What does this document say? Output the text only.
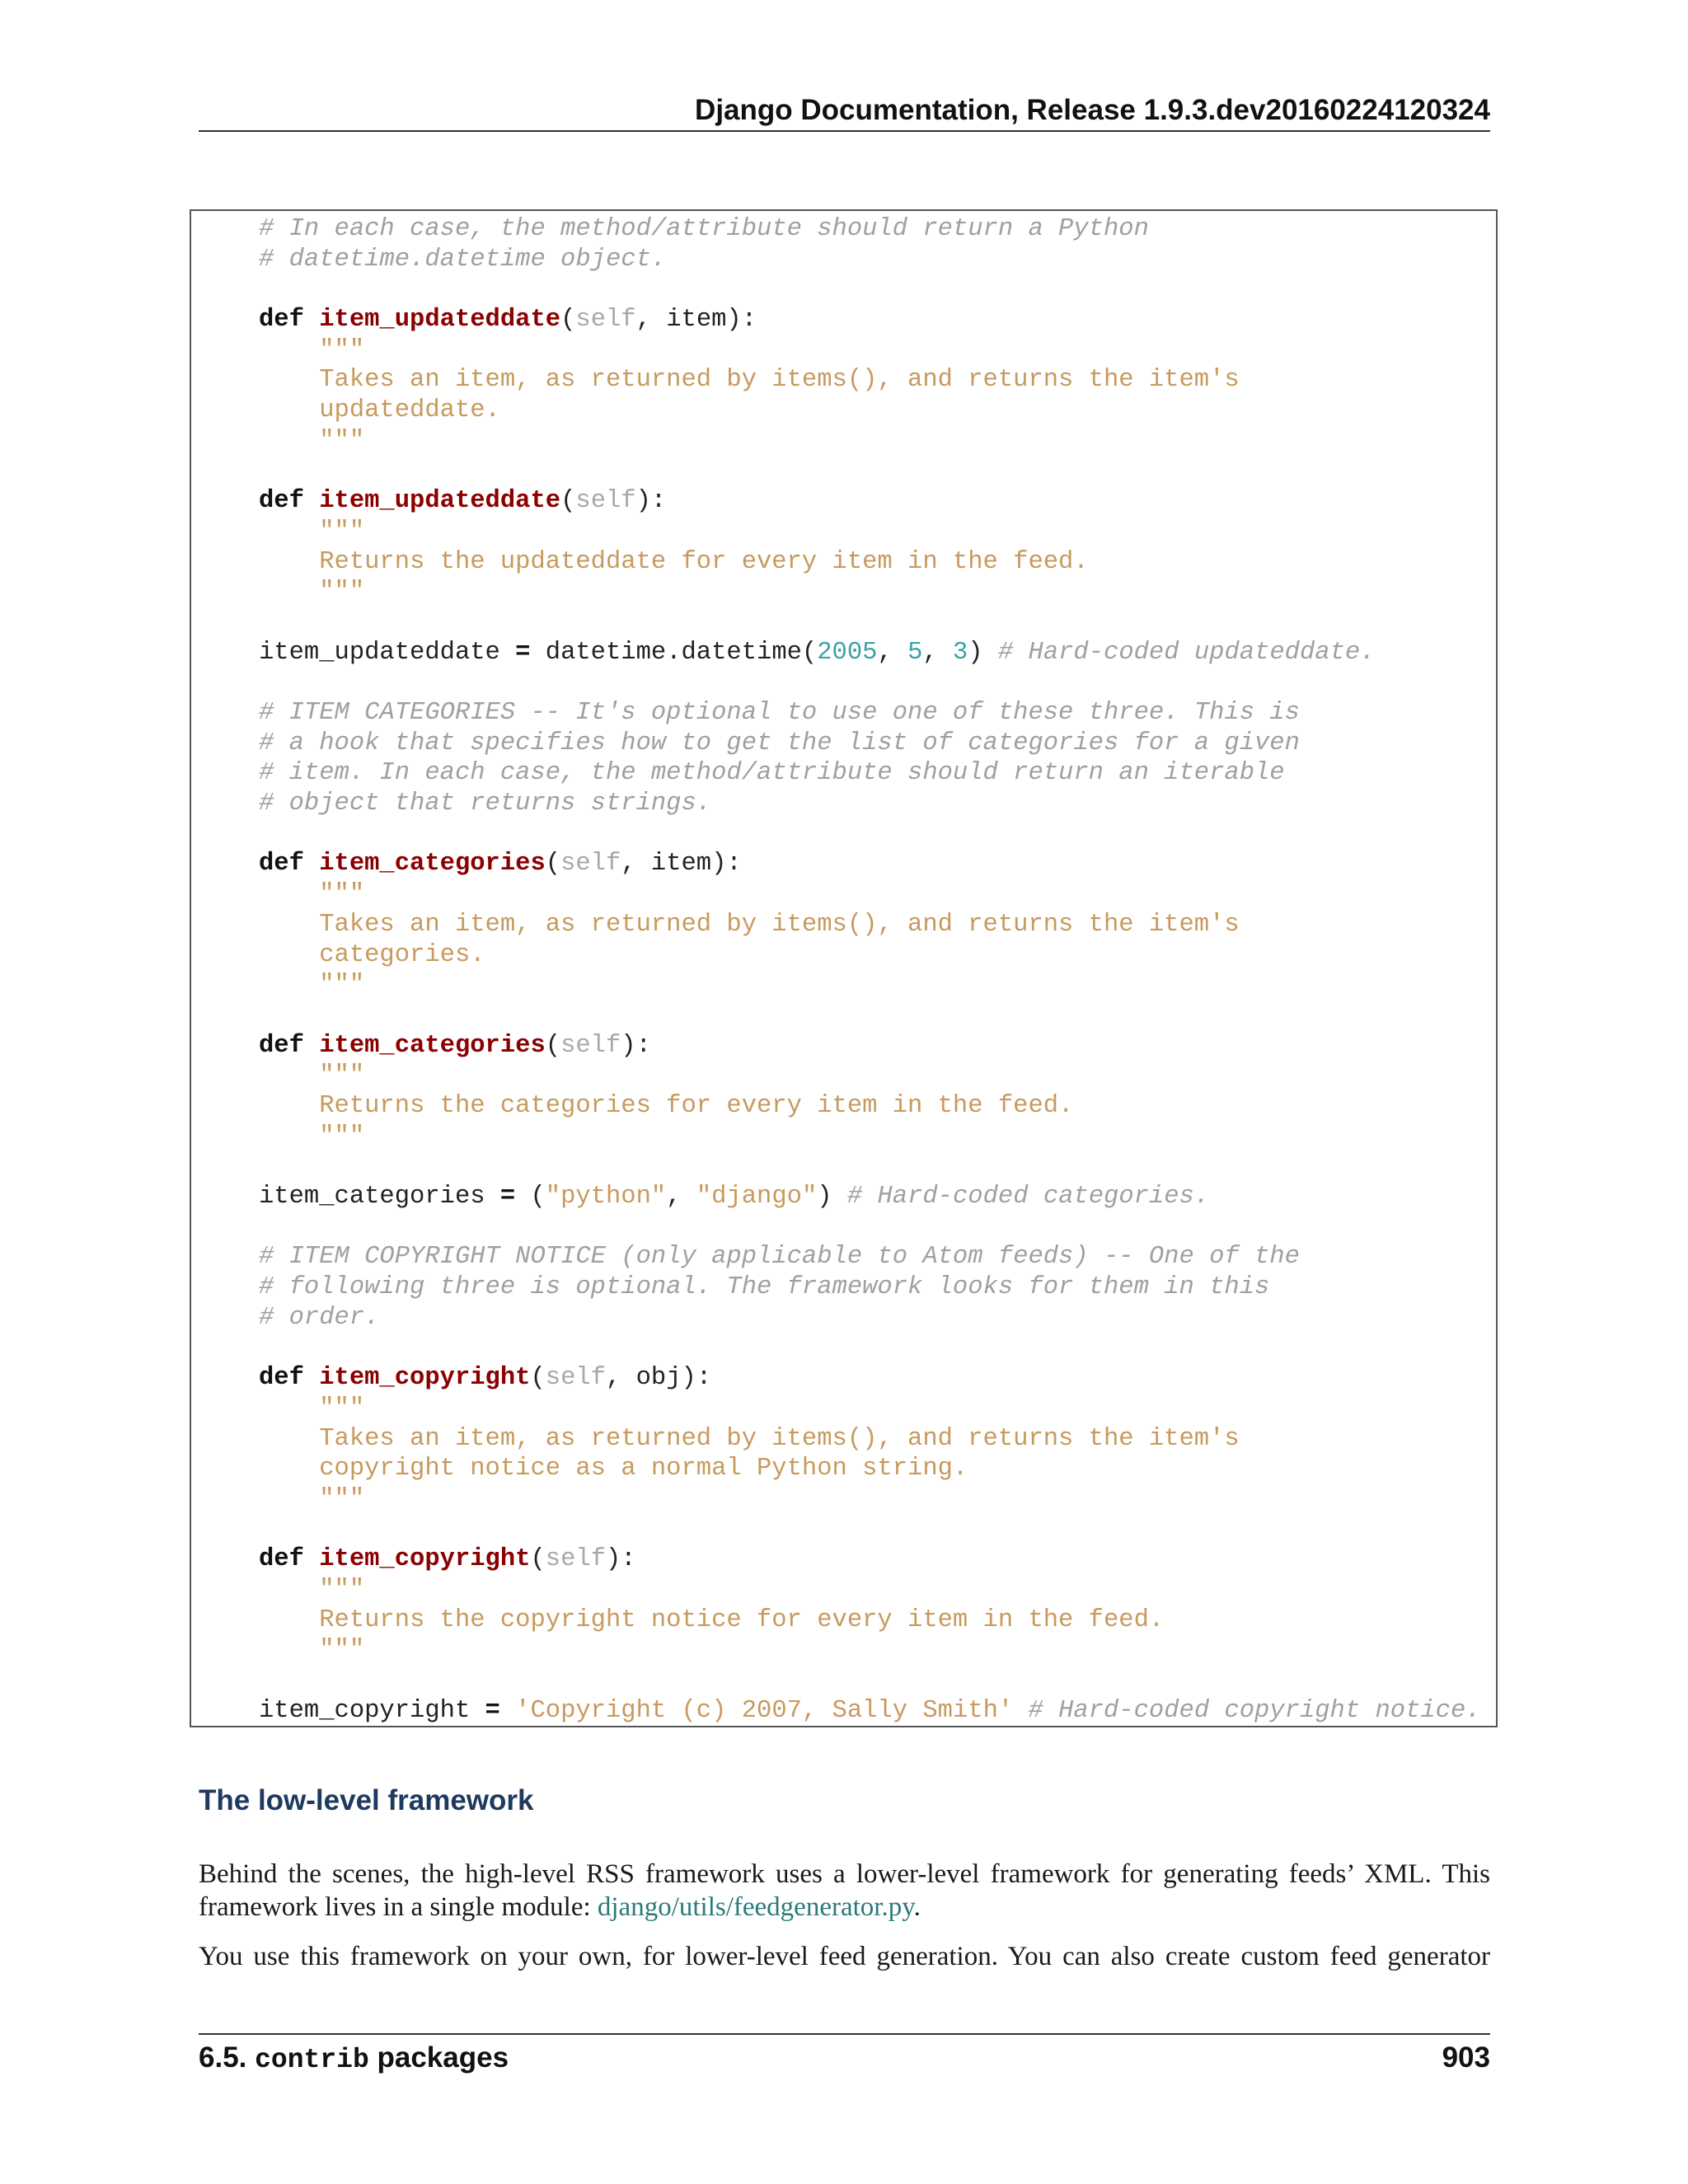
Django Documentation, Release 1.9.3.dev20160224120324
# In each case, the method/attribute should return a Python
# datetime.datetime object.

def item_updateddate(self, item):
"""
Takes an item, as returned by items(), and returns the item's
updateddate.
"""

def item_updateddate(self):
"""
Returns the updateddate for every item in the feed.
"""

item_updateddate = datetime.datetime(2005, 5, 3) # Hard-coded updateddate.

# ITEM CATEGORIES -- It's optional to use one of these three. This is
# a hook that specifies how to get the list of categories for a given
# item. In each case, the method/attribute should return an iterable
# object that returns strings.

def item_categories(self, item):
"""
Takes an item, as returned by items(), and returns the item's
categories.
"""

def item_categories(self):
"""
Returns the categories for every item in the feed.
"""

item_categories = ("python", "django") # Hard-coded categories.

# ITEM COPYRIGHT NOTICE (only applicable to Atom feeds) -- One of the
# following three is optional. The framework looks for them in this
# order.

def item_copyright(self, obj):
"""
Takes an item, as returned by items(), and returns the item's
copyright notice as a normal Python string.
"""

def item_copyright(self):
"""
Returns the copyright notice for every item in the feed.
"""

item_copyright = 'Copyright (c) 2007, Sally Smith' # Hard-coded copyright notice.
The low-level framework

Behind the scenes, the high-level RSS framework uses a lower-level framework for generating feeds’ XML. This framework lives in a single module: django/utils/feedgenerator.py.

You use this framework on your own, for lower-level feed generation. You can also create custom feed generator

6.5. contrib packages	903
